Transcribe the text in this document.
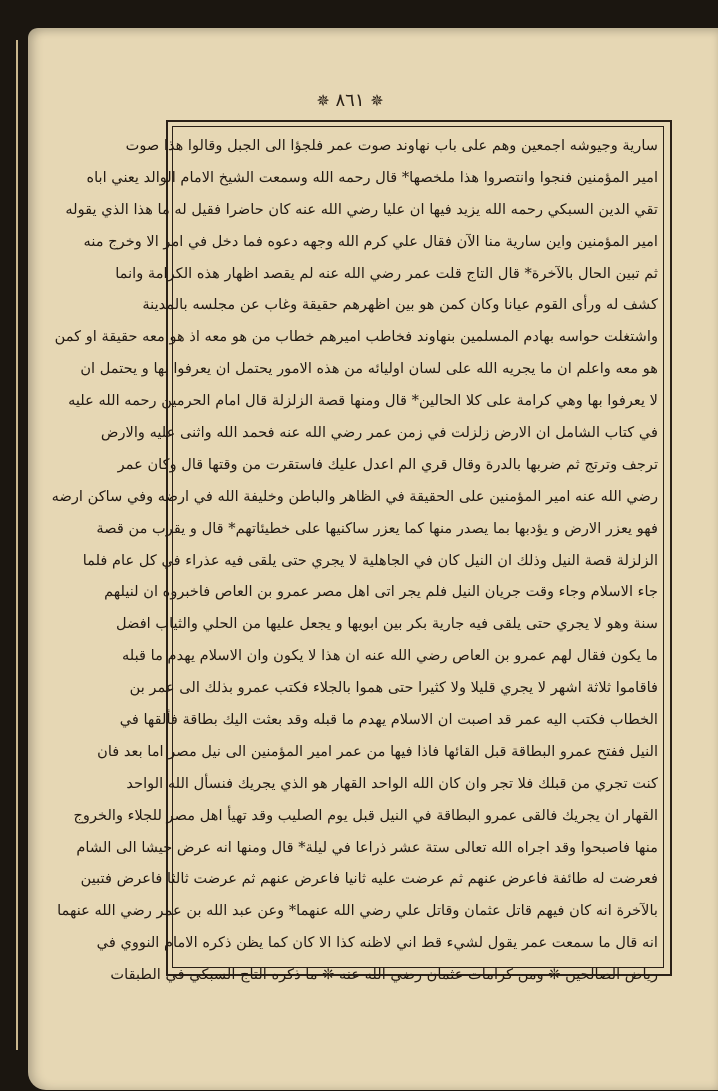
✵ ٨٦١ ✵
سارية وجيوشه اجمعين وهم على باب نهاوند صوت عمر فلجؤا الى الجبل وقالوا هذا صوت
امير المؤمنين فنجوا وانتصروا هذا ملخصها* قال رحمه الله وسمعت الشيخ الامام الوالد يعني اباه
تقي الدين السبكي رحمه الله يزيد فيها ان عليا رضي الله عنه كان حاضرا فقيل له ما هذا الذي يقوله
امير المؤمنين واين سارية منا الآن فقال علي كرم الله وجهه دعوه فما دخل في امر الا وخرج منه
ثم تبين الحال بالآخرة* قال التاج قلت عمر رضي الله عنه لم يقصد اظهار هذه الكرامة وانما
كشف له ورأى القوم عيانا وكان كمن هو بين اظهرهم حقيقة وغاب عن مجلسه بالمدينة
واشتغلت حواسه بهادم المسلمين بنهاوند فخاطب اميرهم خطاب من هو معه اذ هو معه حقيقة او كمن
هو معه واعلم ان ما يجريه الله على لسان اوليائه من هذه الامور يحتمل ان يعرفوا بها و يحتمل ان
لا يعرفوا بها وهي كرامة على كلا الحالين* قال ومنها قصة الزلزلة قال امام الحرمين رحمه الله عليه
في كتاب الشامل ان الارض زلزلت في زمن عمر رضي الله عنه فحمد الله واثنى عليه والارض
ترجف وترتج ثم ضربها بالدرة وقال قري الم اعدل عليك فاستقرت من وقتها قال وكان عمر
رضي الله عنه امير المؤمنين على الحقيقة في الظاهر والباطن وخليفة الله في ارضه وفي ساكن ارضه
فهو يعزر الارض و يؤدبها بما يصدر منها كما يعزر ساكنيها على خطيئاتهم* قال و يقرب من قصة
الزلزلة قصة النيل وذلك ان النيل كان في الجاهلية لا يجري حتى يلقى فيه عذراء في كل عام فلما
جاء الاسلام وجاء وقت جريان النيل فلم يجر اتى اهل مصر عمرو بن العاص فاخبروه ان لنيلهم
سنة وهو لا يجري حتى يلقى فيه جارية بكر بين ابويها و يجعل عليها من الحلي والثياب افضل
ما يكون فقال لهم عمرو بن العاص رضي الله عنه ان هذا لا يكون وان الاسلام يهدم ما قبله
فاقاموا ثلاثة اشهر لا يجري قليلا ولا كثيرا حتى هموا بالجلاء فكتب عمرو بذلك الى عمر بن
الخطاب فكتب اليه عمر قد اصبت ان الاسلام يهدم ما قبله وقد بعثت اليك بطاقة فألقها في
النيل ففتح عمرو البطاقة قبل القائها فاذا فيها من عمر امير المؤمنين الى نيل مصر اما بعد فان
كنت تجري من قبلك فلا تجر وان كان الله الواحد القهار هو الذي يجريك فنسأل الله الواحد
القهار ان يجريك فالقى عمرو البطاقة في النيل قبل يوم الصليب وقد تهيأ اهل مصر للجلاء والخروج
منها فاصبحوا وقد اجراه الله تعالى ستة عشر ذراعا في ليلة* قال ومنها انه عرض جيشا الى الشام
فعرضت له طائفة فاعرض عنهم ثم عرضت عليه ثانيا فاعرض عنهم ثم عرضت ثالثا فاعرض فتبين
بالآخرة انه كان فيهم قاتل عثمان وقاتل علي رضي الله عنهما* وعن عبد الله بن عمر رضي الله عنهما
انه قال ما سمعت عمر يقول لشيء قط اني لاظنه كذا الا كان كما يظن ذكره الامام النووي في
رياض الصالحين ❊ ومن كرامات عثمان رضي الله عنه ❊ ما ذكره التاج السبكي في الطبقات
